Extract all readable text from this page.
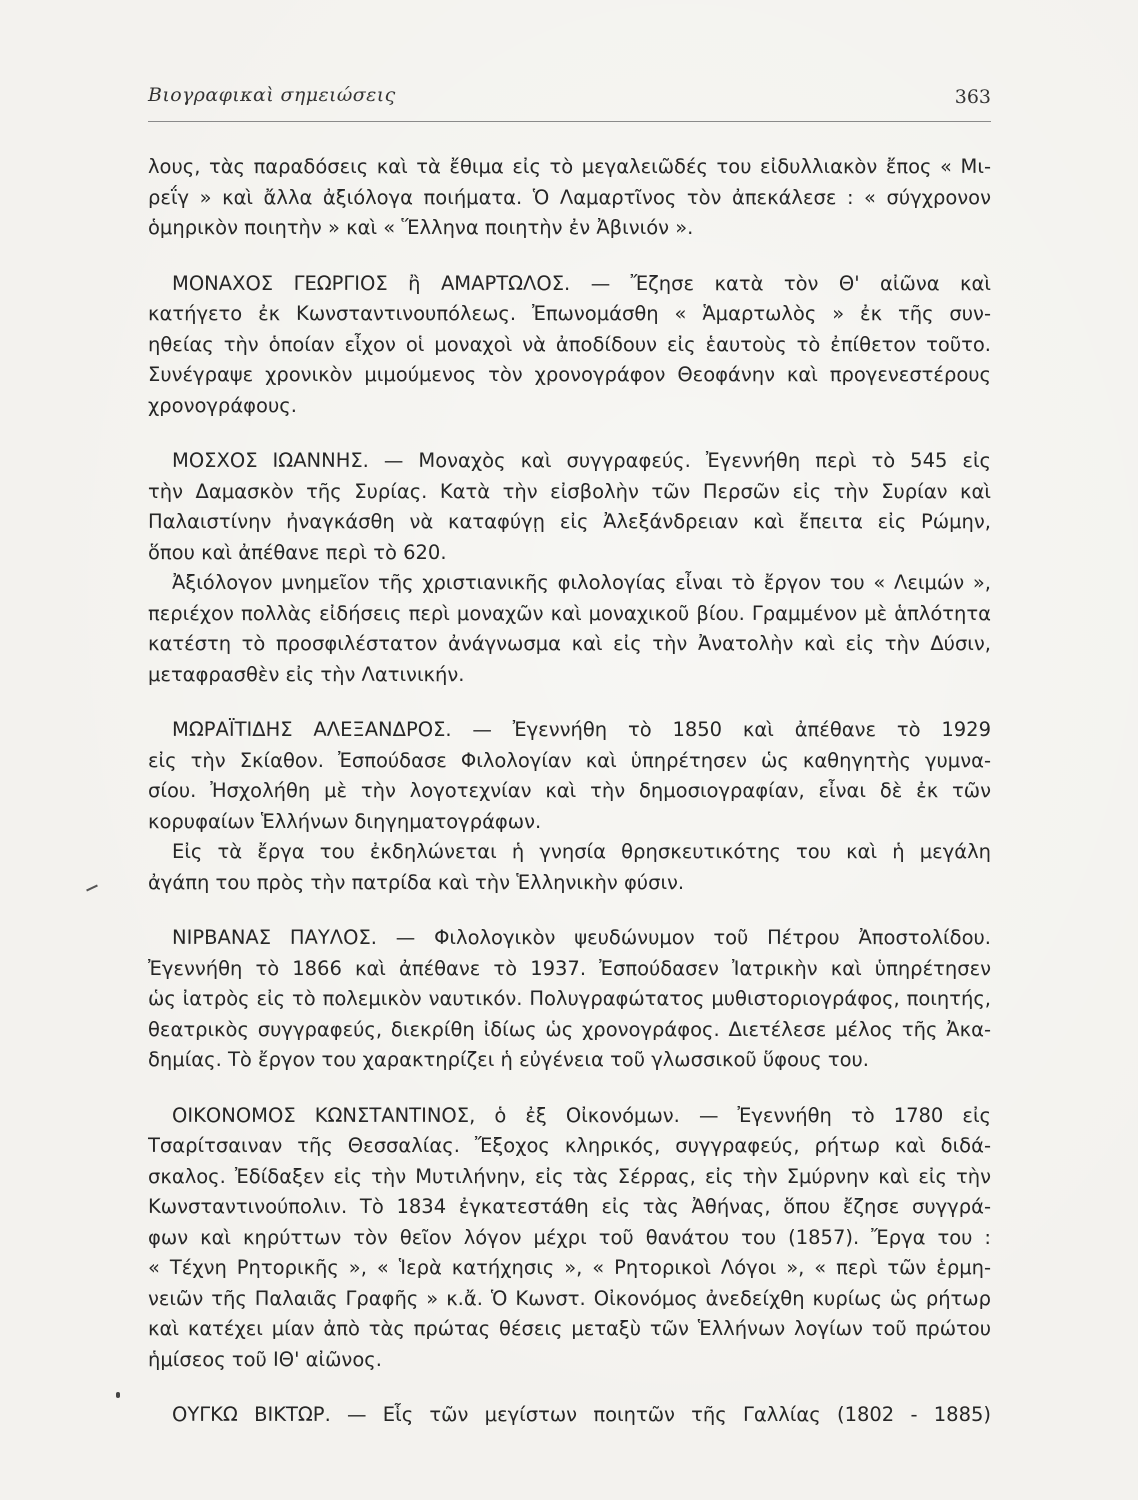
Βιογραφικαὶ σημειώσεις	363
λους, τὰς παραδόσεις καὶ τὰ ἔθιμα εἰς τὸ μεγαλειῶδές του εἰδυλλιακὸν ἔπος « Μι-
ρεΐγ » καὶ ἄλλα ἀξιόλογα ποιήματα. Ὁ Λαμαρτῖνος τὸν ἀπεκάλεσε : « σύγχρονον
ὁμηρικὸν ποιητὴν » καὶ « Ἕλληνα ποιητὴν ἐν Ἀβινιόν ».
ΜΟΝΑΧΟΣ ΓΕΩΡΓΙΟΣ ἢ ΑΜΑΡΤΩΛΟΣ. — Ἔζησε κατὰ τὸν Θ' αἰῶνα καὶ
κατήγετο ἐκ Κωνσταντινουπόλεως. Ἐπωνομάσθη « Ἁμαρτωλὸς » ἐκ τῆς συν-
ηθείας τὴν ὁποίαν εἶχον οἱ μοναχοὶ νὰ ἀποδίδουν εἰς ἑαυτοὺς τὸ ἐπίθετον τοῦτο.
Συνέγραψε χρονικὸν μιμούμενος τὸν χρονογράφον Θεοφάνην καὶ προγενεστέρους
χρονογράφους.
ΜΟΣΧΟΣ ΙΩΑΝΝΗΣ. — Μοναχὸς καὶ συγγραφεύς. Ἐγεννήθη περὶ τὸ 545 εἰς
τὴν Δαμασκὸν τῆς Συρίας. Κατὰ τὴν εἰσβολὴν τῶν Περσῶν εἰς τὴν Συρίαν καὶ
Παλαιστίνην ἠναγκάσθη νὰ καταφύγῃ εἰς Ἀλεξάνδρειαν καὶ ἔπειτα εἰς Ρώμην,
ὅπου καὶ ἀπέθανε περὶ τὸ 620.
Ἀξιόλογον μνημεῖον τῆς χριστιανικῆς φιλολογίας εἶναι τὸ ἔργον του « Λειμών »,
περιέχον πολλὰς εἰδήσεις περὶ μοναχῶν καὶ μοναχικοῦ βίου. Γραμμένον μὲ ἁπλότητα
κατέστη τὸ προσφιλέστατον ἀνάγνωσμα καὶ εἰς τὴν Ἀνατολὴν καὶ εἰς τὴν Δύσιν,
μεταφρασθὲν εἰς τὴν Λατινικήν.
ΜΩΡΑΪΤΙΔΗΣ ΑΛΕΞΑΝΔΡΟΣ. — Ἐγεννήθη τὸ 1850 καὶ ἀπέθανε τὸ 1929
εἰς τὴν Σκίαθον. Ἐσπούδασε Φιλολογίαν καὶ ὑπηρέτησεν ὡς καθηγητὴς γυμνα-
σίου. Ἠσχολήθη μὲ τὴν λογοτεχνίαν καὶ τὴν δημοσιογραφίαν, εἶναι δὲ ἐκ τῶν
κορυφαίων Ἑλλήνων διηγηματογράφων.
Εἰς τὰ ἔργα του ἐκδηλώνεται ἡ γνησία θρησκευτικότης του καὶ ἡ μεγάλη
ἀγάπη του πρὸς τὴν πατρίδα καὶ τὴν Ἑλληνικὴν φύσιν.
ΝΙΡΒΑΝΑΣ ΠΑΥΛΟΣ. — Φιλολογικὸν ψευδώνυμον τοῦ Πέτρου Ἀποστολίδου.
Ἐγεννήθη τὸ 1866 καὶ ἀπέθανε τὸ 1937. Ἐσπούδασεν Ἰατρικὴν καὶ ὑπηρέτησεν
ὡς ἰατρὸς εἰς τὸ πολεμικὸν ναυτικόν. Πολυγραφώτατος μυθιστοριογράφος, ποιητής,
θεατρικὸς συγγραφεύς, διεκρίθη ἰδίως ὡς χρονογράφος. Διετέλεσε μέλος τῆς Ἀκα-
δημίας. Τὸ ἔργον του χαρακτηρίζει ἡ εὐγένεια τοῦ γλωσσικοῦ ὕφους του.
ΟΙΚΟΝΟΜΟΣ ΚΩΝΣΤΑΝΤΙΝΟΣ, ὁ ἐξ Οἰκονόμων. — Ἐγεννήθη τὸ 1780 εἰς
Τσαρίτσαιναν τῆς Θεσσαλίας. Ἔξοχος κληρικός, συγγραφεύς, ρήτωρ καὶ διδά-
σκαλος. Ἐδίδαξεν εἰς τὴν Μυτιλήνην, εἰς τὰς Σέρρας, εἰς τὴν Σμύρνην καὶ εἰς τὴν
Κωνσταντινούπολιν. Τὸ 1834 ἐγκατεστάθη εἰς τὰς Ἀθήνας, ὅπου ἔζησε συγγρά-
φων καὶ κηρύττων τὸν θεῖον λόγον μέχρι τοῦ θανάτου του (1857). Ἔργα του :
« Τέχνη Ρητορικῆς », « Ἱερὰ κατήχησις », « Ρητορικοὶ Λόγοι », « περὶ τῶν ἑρμη-
νειῶν τῆς Παλαιᾶς Γραφῆς » κ.ἄ. Ὁ Κωνστ. Οἰκονόμος ἀνεδείχθη κυρίως ὡς ρήτωρ
καὶ κατέχει μίαν ἀπὸ τὰς πρώτας θέσεις μεταξὺ τῶν Ἑλλήνων λογίων τοῦ πρώτου
ἡμίσεος τοῦ ΙΘ' αἰῶνος.
ΟΥΓΚΩ ΒΙΚΤΩΡ. — Εἷς τῶν μεγίστων ποιητῶν τῆς Γαλλίας (1802 - 1885)
